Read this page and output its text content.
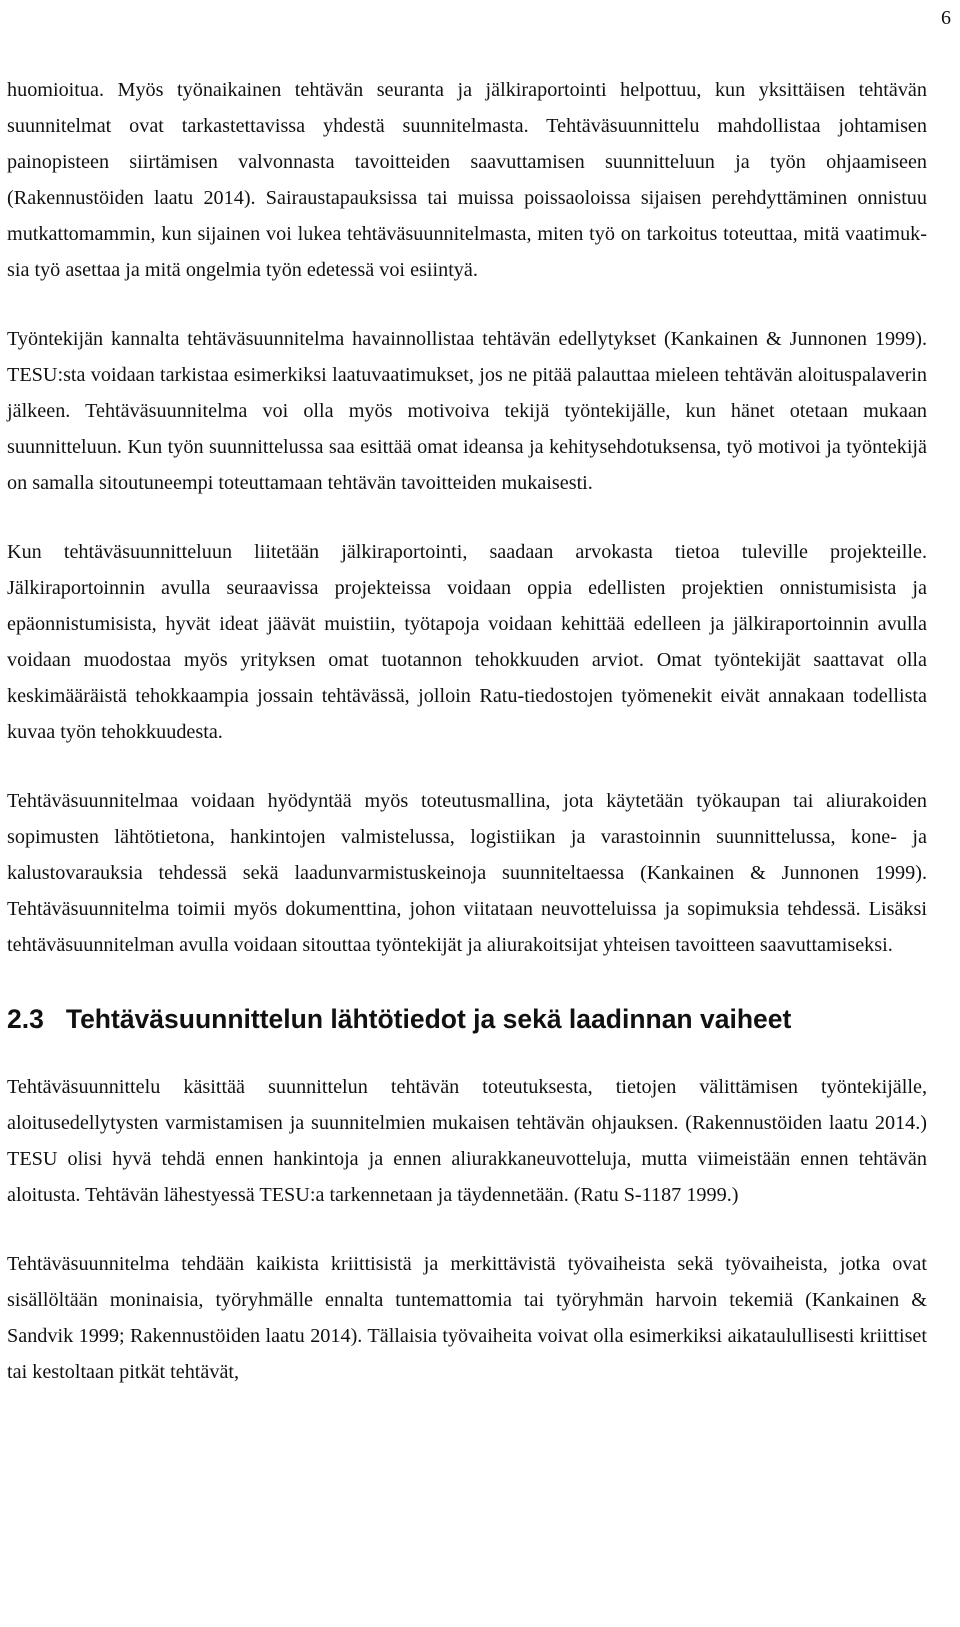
6

huomioitua. Myös työnaikainen tehtävän seuranta ja jälkiraportointi helpottuu, kun yksittäisen tehtävän suunnitelmat ovat tarkastettavissa yhdestä suunnitelmasta. Tehtäväsuunnittelu mahdollistaa johtamisen painopisteen siirtämisen valvonnasta tavoitteiden saavuttamisen suunnitteluun ja työn ohjaamiseen (Rakennustöiden laatu 2014). Sairaustapauksissa tai muissa poissaoloissa sijaisen perehdyttäminen onnistuu mutkattomammin, kun sijainen voi lukea tehtäväsuunnitelmasta, miten työ on tarkoitus toteuttaa, mitä vaatimuksia työ asettaa ja mitä ongelmia työn edetessä voi esiintyä.

Työntekijän kannalta tehtäväsuunnitelma havainnollistaa tehtävän edellytykset (Kankainen & Junnonen 1999). TESU:sta voidaan tarkistaa esimerkiksi laatuvaatimukset, jos ne pitää palauttaa mieleen tehtävän aloituspalaverin jälkeen. Tehtäväsuunnitelma voi olla myös motivoiva tekijä työntekijälle, kun hänet otetaan mukaan suunnitteluun. Kun työn suunnittelussa saa esittää omat ideansa ja kehitysehdotuksensa, työ motivoi ja työntekijä on samalla sitoutuneempi toteuttamaan tehtävän tavoitteiden mukaisesti.

Kun tehtäväsuunnitteluun liitetään jälkiraportointi, saadaan arvokasta tietoa tuleville projekteille. Jälkiraportoinnin avulla seuraavissa projekteissa voidaan oppia edellisten projektien onnistumisista ja epäonnistumisista, hyvät ideat jäävät muistiin, työtapoja voidaan kehittää edelleen ja jälkiraportoinnin avulla voidaan muodostaa myös yrityksen omat tuotannon tehokkuuden arviot. Omat työntekijät saattavat olla keskimääräistä tehokkaampia jossain tehtävässä, jolloin Ratu-tiedostojen työmenekit eivät annakaan todellista kuvaa työn tehokkuudesta.

Tehtäväsuunnitelmaa voidaan hyödyntää myös toteutusmallina, jota käytetään työkaupan tai aliurakoiden sopimusten lähtötietona, hankintojen valmistelussa, logistiikan ja varastoinnin suunnittelussa, kone- ja kalustovarauksia tehdessä sekä laadunvarmistuskeinoja suunniteltaessa (Kankainen & Junnonen 1999). Tehtäväsuunnitelma toimii myös dokumenttina, johon viitataan neuvotteluissa ja sopimuksia tehdessä. Lisäksi tehtäväsuunnitelman avulla voidaan sitouttaa työntekijät ja aliurakoitsijat yhteisen tavoitteen saavuttamiseksi.

2.3 Tehtäväsuunnittelun lähtötiedot ja sekä laadinnan vaiheet

Tehtäväsuunnittelu käsittää suunnittelun tehtävän toteutuksesta, tietojen välittämisen työntekijälle, aloitusedellytysten varmistamisen ja suunnitelmien mukaisen tehtävän ohjauksen. (Rakennustöiden laatu 2014.) TESU olisi hyvä tehdä ennen hankintoja ja ennen aliurakkaneuvotteluja, mutta viimeistään ennen tehtävän aloitusta. Tehtävän lähestyessä TESU:a tarkennetaan ja täydennetään. (Ratu S-1187 1999.)

Tehtäväsuunnitelma tehdään kaikista kriittisistä ja merkittävistä työvaiheista sekä työvaiheista, jotka ovat sisällöltään moninaisia, työryhmälle ennalta tuntemattomia tai työryhmän harvoin tekemiä (Kankainen & Sandvik 1999; Rakennustöiden laatu 2014). Tällaisia työvaiheita voivat olla esimerkiksi aikataulullisesti kriittiset tai kestoltaan pitkät tehtävät,
